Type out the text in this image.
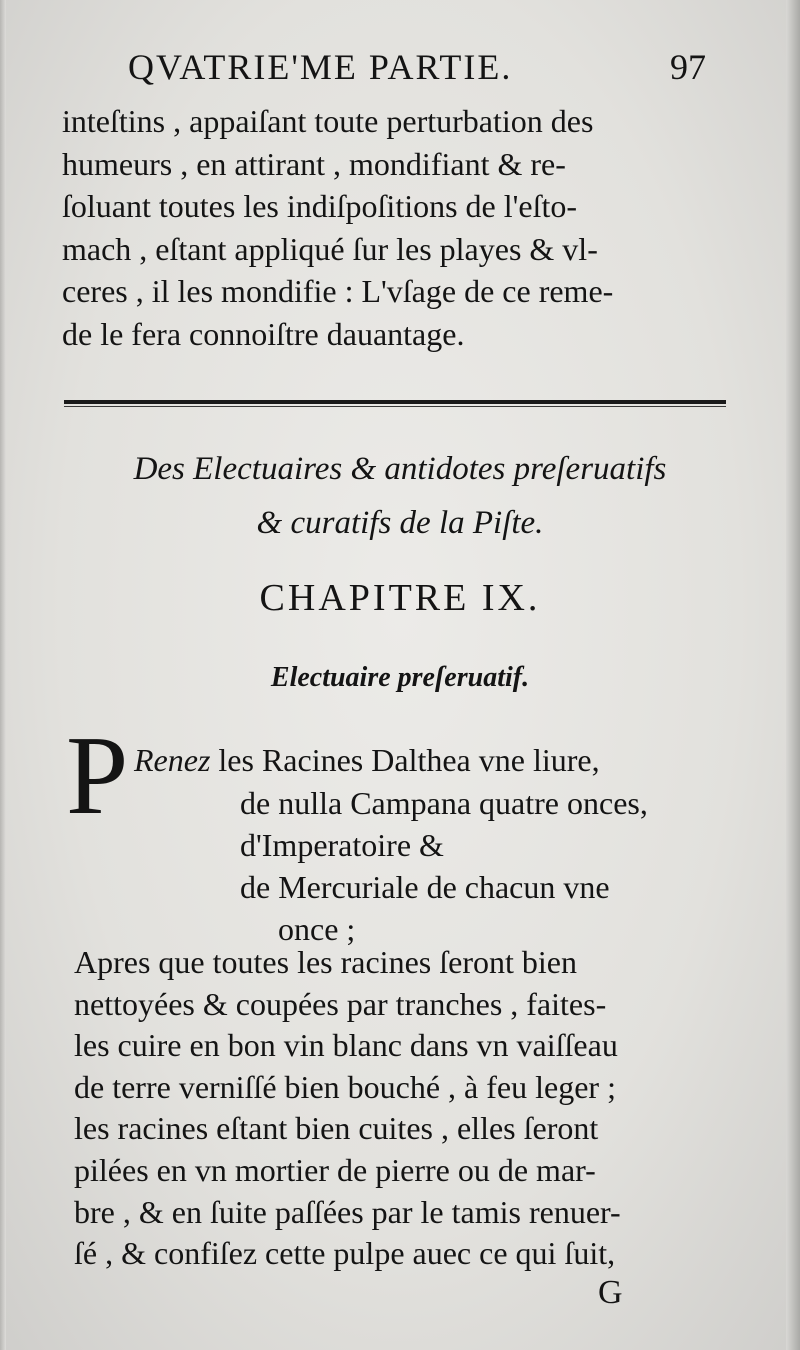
QVATRIE'ME PARTIE.	97
inteſtins , appaiſant toute perturbation des
humeurs , en attirant , mondifiant & re-
ſoluant toutes les indiſpoſitions de l'eſto-
mach , eſtant appliqué ſur les playes & vl-
ceres , il les mondifie : L'vſage de ce reme-
de le fera connoiſtre dauantage.
Des Electuaires & antidotes preſeruatifs
& curatifs de la Piſte.
CHAPITRE IX.
Electuaire preſeruatif.
P Renez les Racines Dalthea vne liure,
de nulla Campana quatre onces,
d'Imperatoire &
de Mercuriale de chacun vne
once ;
Apres que toutes les racines ſeront bien
nettoyées & coupées par tranches , faites-
les cuire en bon vin blanc dans vn vaiſſeau
de terre verniſſé bien bouché , à feu leger ;
les racines eſtant bien cuites , elles ſeront
pilées en vn mortier de pierre ou de mar-
bre , & en ſuite paſſées par le tamis renuer-
ſé , & confiſez cette pulpe auec ce qui ſuit,
G
